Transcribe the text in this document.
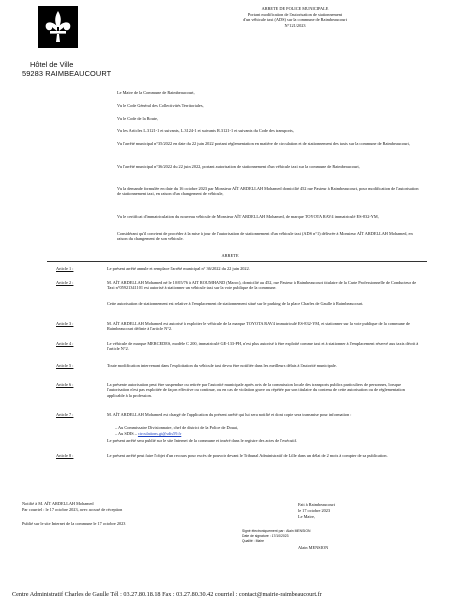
Hôtel de Ville
59283 RAIMBEAUCOURT
ARRETE DE POLICE MUNICIPALE
Portant modification de l'autorisation de stationnement
d'un véhicule taxi (ADS) sur la commune de Raimbeaucourt
N°121/2023
Le Maire de la Commune de Raimbeaucourt,
Vu le Code Général des Collectivités Territoriales,
Vu le Code de la Route,
Vu les Articles L.3121-1 et suivants, L.3124-1 et suivants R.3121-1 et suivants du Code des transports,
Vu l'arrêté municipal n°35/2022 en date du 22 juin 2022 portant réglementation en matière de circulation et de stationnement des taxis sur la commune de Raimbeaucourt,
Vu l'arrêté municipal n°36/2022 du 22 juin 2022, portant autorisation de stationnement d'un véhicule taxi sur la commune de Raimbeaucourt,
Vu la demande formulée en date du 16 octobre 2023 par Monsieur AÏT ARDELLAH Mohamed domicilié 452 rue Pasteur à Raimbeaucourt, pour modification de l'autorisation de stationnement taxi, en raison d'un changement de véhicule,
Vu le certificat d'immatriculation du nouveau véhicule de Monsieur AÏT ARDELLAH Mohamed, de marque TOYOTA RAV4 immatriculé ES-832-YM,
Considérant qu'il convient de procéder à la mise à jour de l'autorisation de stationnement d'un véhicule taxi (ADS n°1) délivrée à Monsieur AÏT ARDELLAH Mohamed, en raison du changement de son véhicule.
ARRETE
Article 1 :	Le présent arrêté annule et remplace l'arrêté municipal n° 36/2022 du 22 juin 2022.
Article 2 :	M. AÏT ARDELLAH Mohamed né le 10/05/76 à AIT ROUMHAND (Maroc), domicilié au 452, rue Pasteur à Raimbeaucourt titulaire de la Carte Professionnelle de Conducteur de Taxi n°05921341101 est autorisé à stationner un véhicule taxi sur la voie publique de la commune.
Cette autorisation de stationnement est relative à l'emplacement de stationnement situé sur le parking de la place Charles de Gaulle à Raimbeaucourt.
Article 3 :	M. AÏT ARDELLAH Mohamed est autorisé à exploiter le véhicule de la marque TOYOTA RAV4 immatriculé ES-832-YM, et stationner sur la voie publique de la commune de Raimbeaucourt définie à l'article N°2.
Article 4 :	Le véhicule de marque MERCEDES, modèle C 200, immatriculé GE-133-PH, n'est plus autorisé à être exploité comme taxi et à stationner à l'emplacement réservé aux taxis décrit à l'article N°2.
Article 5 :	Toute modification intervenant dans l'exploitation du véhicule taxi devra être notifiée dans les meilleurs délais à l'autorité municipale.
Article 6 :	La présente autorisation peut être suspendue ou retirée par l'autorité municipale après avis de la commission locale des transports publics particuliers de personnes, lorsque l'autorisation n'est pas exploitée de façon effective ou continue, ou en cas de violation grave ou répétée par son titulaire du contenu de cette autorisation ou de réglementation applicable à la profession.
Article 7 :	M. AÏT ARDELLAH Mohamed est chargé de l'application du présent arrêté qui lui sera notifié et dont copie sera transmise pour information :
– Au Commissaire Divisionnaire, chef de district de la Police de Douai,
– Au SDIS – circulations.gt@sdis59.fr
Le présent arrêté sera publié sur le site Internet de la commune et inséré dans le registre des actes de l'exécutif.
Article 8 :	Le présent arrêté peut faire l'objet d'un recours pour excès de pouvoir devant le Tribunal Administratif de Lille dans un délai de 2 mois à compter de sa publication.
Notifié à M. AÏT ARDELLAH Mohamed
Par courriel : le 17 octobre 2023, avec accusé de réception
Publié sur le site Internet de la commune le 17 octobre 2023
Fait à Raimbeaucourt
le 17 octobre 2023
Le Maire,
Signé électroniquement par : Alain MENSION
Date de signature : 17/10/2023
Qualité : Maire
Alain MENSION
Centre Administratif Charles de Gaulle Tél : 03.27.80.18.18 Fax : 03.27.80.30.42 courriel : contact@mairie-raimbeaucourt.fr
